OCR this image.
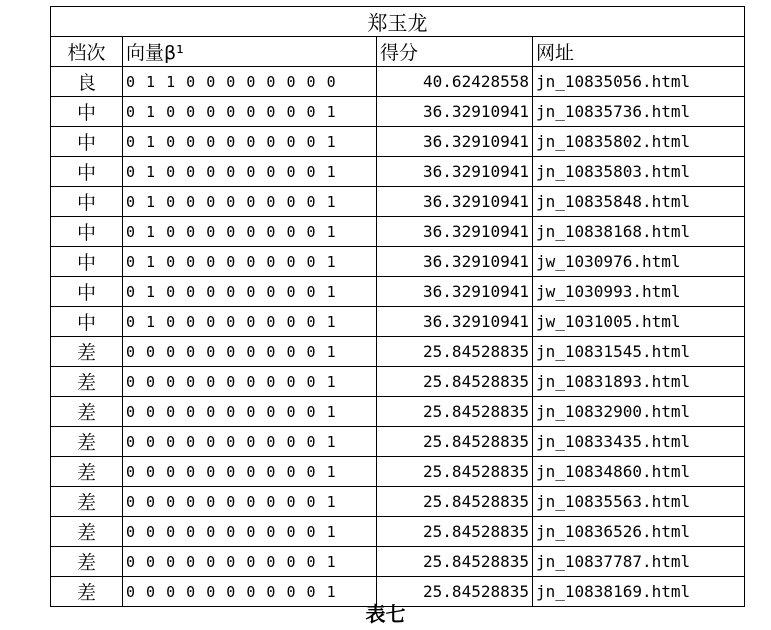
郑玉龙			
档次	向量β¹	得分	网址
良	0 1 1 0 0 0 0 0 0 0 0	40.62428558	jn_10835056.html
中	0 1 0 0 0 0 0 0 0 0 1	36.32910941	jn_10835736.html
中	0 1 0 0 0 0 0 0 0 0 1	36.32910941	jn_10835802.html
中	0 1 0 0 0 0 0 0 0 0 1	36.32910941	jn_10835803.html
中	0 1 0 0 0 0 0 0 0 0 1	36.32910941	jn_10835848.html
中	0 1 0 0 0 0 0 0 0 0 1	36.32910941	jn_10838168.html
中	0 1 0 0 0 0 0 0 0 0 1	36.32910941	jw_1030976.html
中	0 1 0 0 0 0 0 0 0 0 1	36.32910941	jw_1030993.html
中	0 1 0 0 0 0 0 0 0 0 1	36.32910941	jw_1031005.html
差	0 0 0 0 0 0 0 0 0 0 1	25.84528835	jn_10831545.html
差	0 0 0 0 0 0 0 0 0 0 1	25.84528835	jn_10831893.html
差	0 0 0 0 0 0 0 0 0 0 1	25.84528835	jn_10832900.html
差	0 0 0 0 0 0 0 0 0 0 1	25.84528835	jn_10833435.html
差	0 0 0 0 0 0 0 0 0 0 1	25.84528835	jn_10834860.html
差	0 0 0 0 0 0 0 0 0 0 1	25.84528835	jn_10835563.html
差	0 0 0 0 0 0 0 0 0 0 1	25.84528835	jn_10836526.html
差	0 0 0 0 0 0 0 0 0 0 1	25.84528835	jn_10837787.html
差	0 0 0 0 0 0 0 0 0 0 1	25.84528835	jn_10838169.html
表七
